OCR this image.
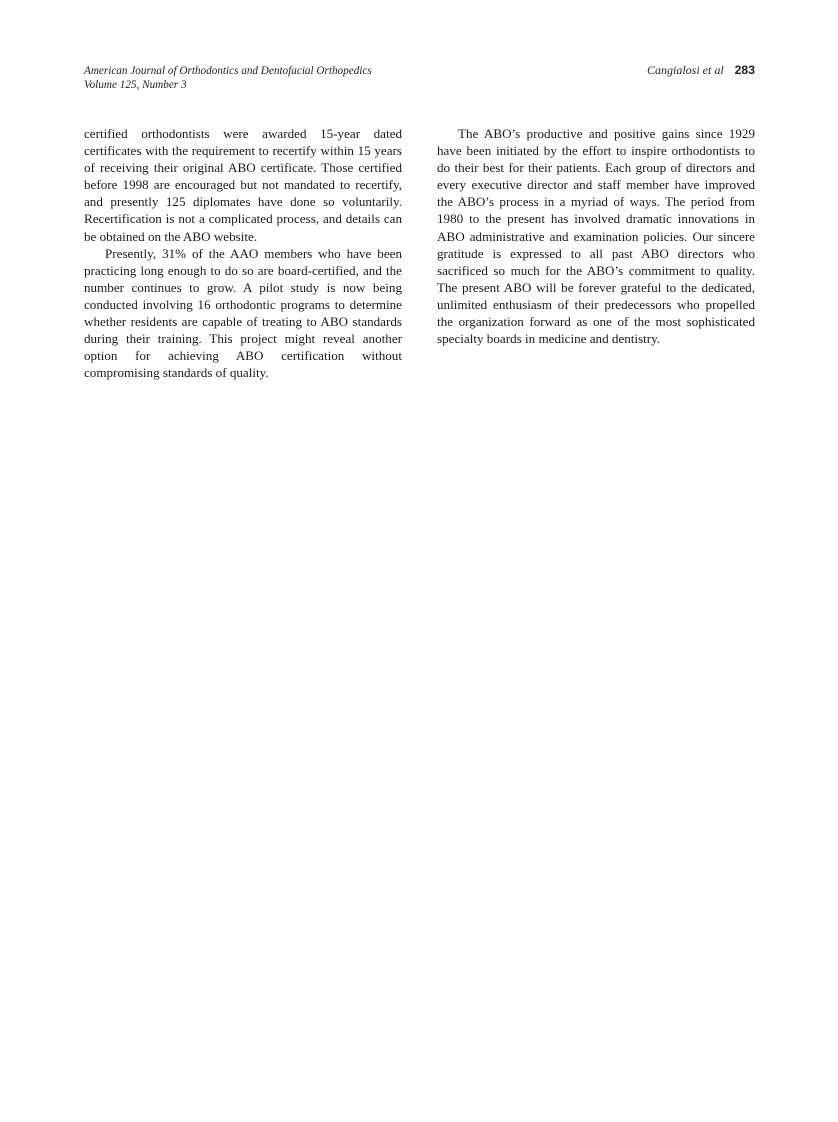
American Journal of Orthodontics and Dentofacial Orthopedics
Volume 125, Number 3
Cangialosi et al 283

certified orthodontists were awarded 15-year dated certificates with the requirement to recertify within 15 years of receiving their original ABO certificate. Those certified before 1998 are encouraged but not mandated to recertify, and presently 125 diplomates have done so voluntarily. Recertification is not a complicated process, and details can be obtained on the ABO website.

Presently, 31% of the AAO members who have been practicing long enough to do so are board-certified, and the number continues to grow. A pilot study is now being conducted involving 16 orthodontic programs to determine whether residents are capable of treating to ABO standards during their training. This project might reveal another option for achieving ABO certification without compromising standards of quality.

The ABO’s productive and positive gains since 1929 have been initiated by the effort to inspire orthodontists to do their best for their patients. Each group of directors and every executive director and staff member have improved the ABO’s process in a myriad of ways. The period from 1980 to the present has involved dramatic innovations in ABO administrative and examination policies. Our sincere gratitude is expressed to all past ABO directors who sacrificed so much for the ABO’s commitment to quality. The present ABO will be forever grateful to the dedicated, unlimited enthusiasm of their predecessors who propelled the organization forward as one of the most sophisticated specialty boards in medicine and dentistry.
